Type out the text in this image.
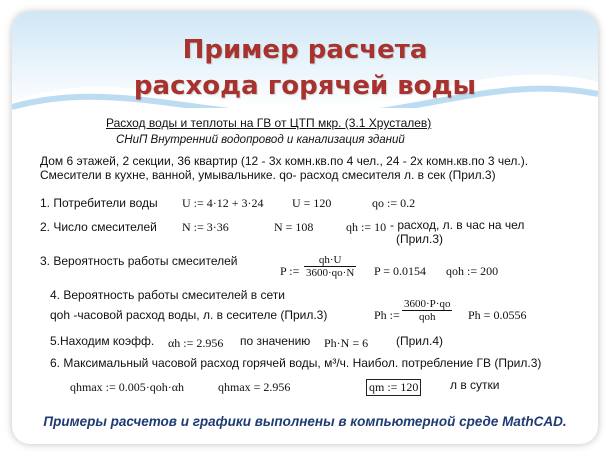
Пример расчета
расхода горячей воды
Расход воды и теплоты на ГВ от ЦТП мкр. (3.1 Хрусталев)
СНиП Внутренний водопровод и канализация зданий
Дом 6 этажей, 2 секции, 36 квартир (12 - 3х комн.кв.по 4 чел., 24 - 2х комн.кв.по 3 чел.).
Смесители в кухне, ванной, умывальнике. qo- расход смесителя л. в сек (Прил.3)
1. Потребители воды U := 4·12 + 3·24 U = 120	qo := 0.2
2. Число смесителей N := 3·36	N = 108	qh := 10 - расход, л. в час на чел
(Прил.3)
3. Вероятность работы смесителей
P := $\frac{qh\cdot U}{3600\cdot qo\cdot N}$ P = 0.0154 qoh := 200
4. Вероятность работы смесителей в сети
qoh -часовой расход воды, л. в сесителе (Прил.3)	Ph :=
3600·P·qo
qoh	Ph = 0.0556
5.Находим коэфф. αh := 2.956 по значению Ph·N = 6 (Прил.4)
6. Максимальный часовой расход горячей воды, м³/ч. Наибол. потребление ГВ (Прил.3)
qhmax := 0.005·qoh·αh	qhmax = 2.956	qm := 120	л в сутки
Примеры расчетов и графики выполнены в компьютерной среде MathCAD.
